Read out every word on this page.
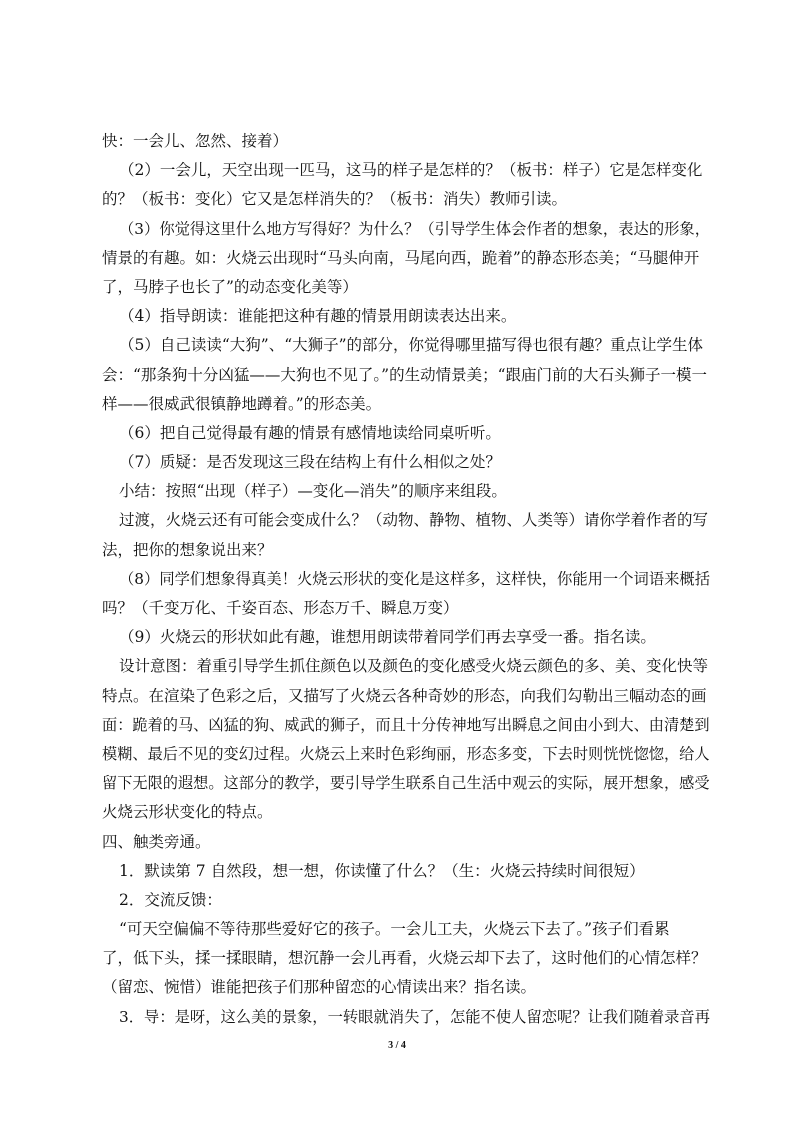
快：一会儿、忽然、接着）
（2）一会儿，天空出现一匹马，这马的样子是怎样的？（板书：样子）它是怎样变化
的？（板书：变化）它又是怎样消失的？（板书：消失）教师引读。
（3）你觉得这里什么地方写得好？为什么？（引导学生体会作者的想象，表达的形象，
情景的有趣。如：火烧云出现时“马头向南，马尾向西，跪着”的静态形态美；“马腿伸开
了，马脖子也长了”的动态变化美等）
（4）指导朗读：谁能把这种有趣的情景用朗读表达出来。
（5）自己读读“大狗”、“大狮子”的部分，你觉得哪里描写得也很有趣？重点让学生体
会：“那条狗十分凶猛——大狗也不见了。”的生动情景美；“跟庙门前的大石头狮子一模一
样——很威武很镇静地蹲着。”的形态美。
（6）把自己觉得最有趣的情景有感情地读给同桌听听。
（7）质疑：是否发现这三段在结构上有什么相似之处？
小结：按照“出现（样子）—变化—消失”的顺序来组段。
过渡，火烧云还有可能会变成什么？（动物、静物、植物、人类等）请你学着作者的写
法，把你的想象说出来？
（8）同学们想象得真美！火烧云形状的变化是这样多，这样快，你能用一个词语来概括
吗？（千变万化、千姿百态、形态万千、瞬息万变）
（9）火烧云的形状如此有趣，谁想用朗读带着同学们再去享受一番。指名读。
设计意图：着重引导学生抓住颜色以及颜色的变化感受火烧云颜色的多、美、变化快等
特点。在渲染了色彩之后，又描写了火烧云各种奇妙的形态，向我们勾勒出三幅动态的画
面：跪着的马、凶猛的狗、威武的狮子，而且十分传神地写出瞬息之间由小到大、由清楚到
模糊、最后不见的变幻过程。火烧云上来时色彩绚丽，形态多变，下去时则恍恍惚惚，给人
留下无限的遐想。这部分的教学，要引导学生联系自己生活中观云的实际，展开想象，感受
火烧云形状变化的特点。
四、触类旁通。
1．默读第 7 自然段，想一想，你读懂了什么？（生：火烧云持续时间很短）
2．交流反馈：
“可天空偏偏不等待那些爱好它的孩子。一会儿工夫，火烧云下去了。”孩子们看累
了，低下头，揉一揉眼睛，想沉静一会儿再看，火烧云却下去了，这时他们的心情怎样？
（留恋、惋惜）谁能把孩子们那种留恋的心情读出来？指名读。
3．导：是呀，这么美的景象，一转眼就消失了，怎能不使人留恋呢？让我们随着录音再
3 / 4
